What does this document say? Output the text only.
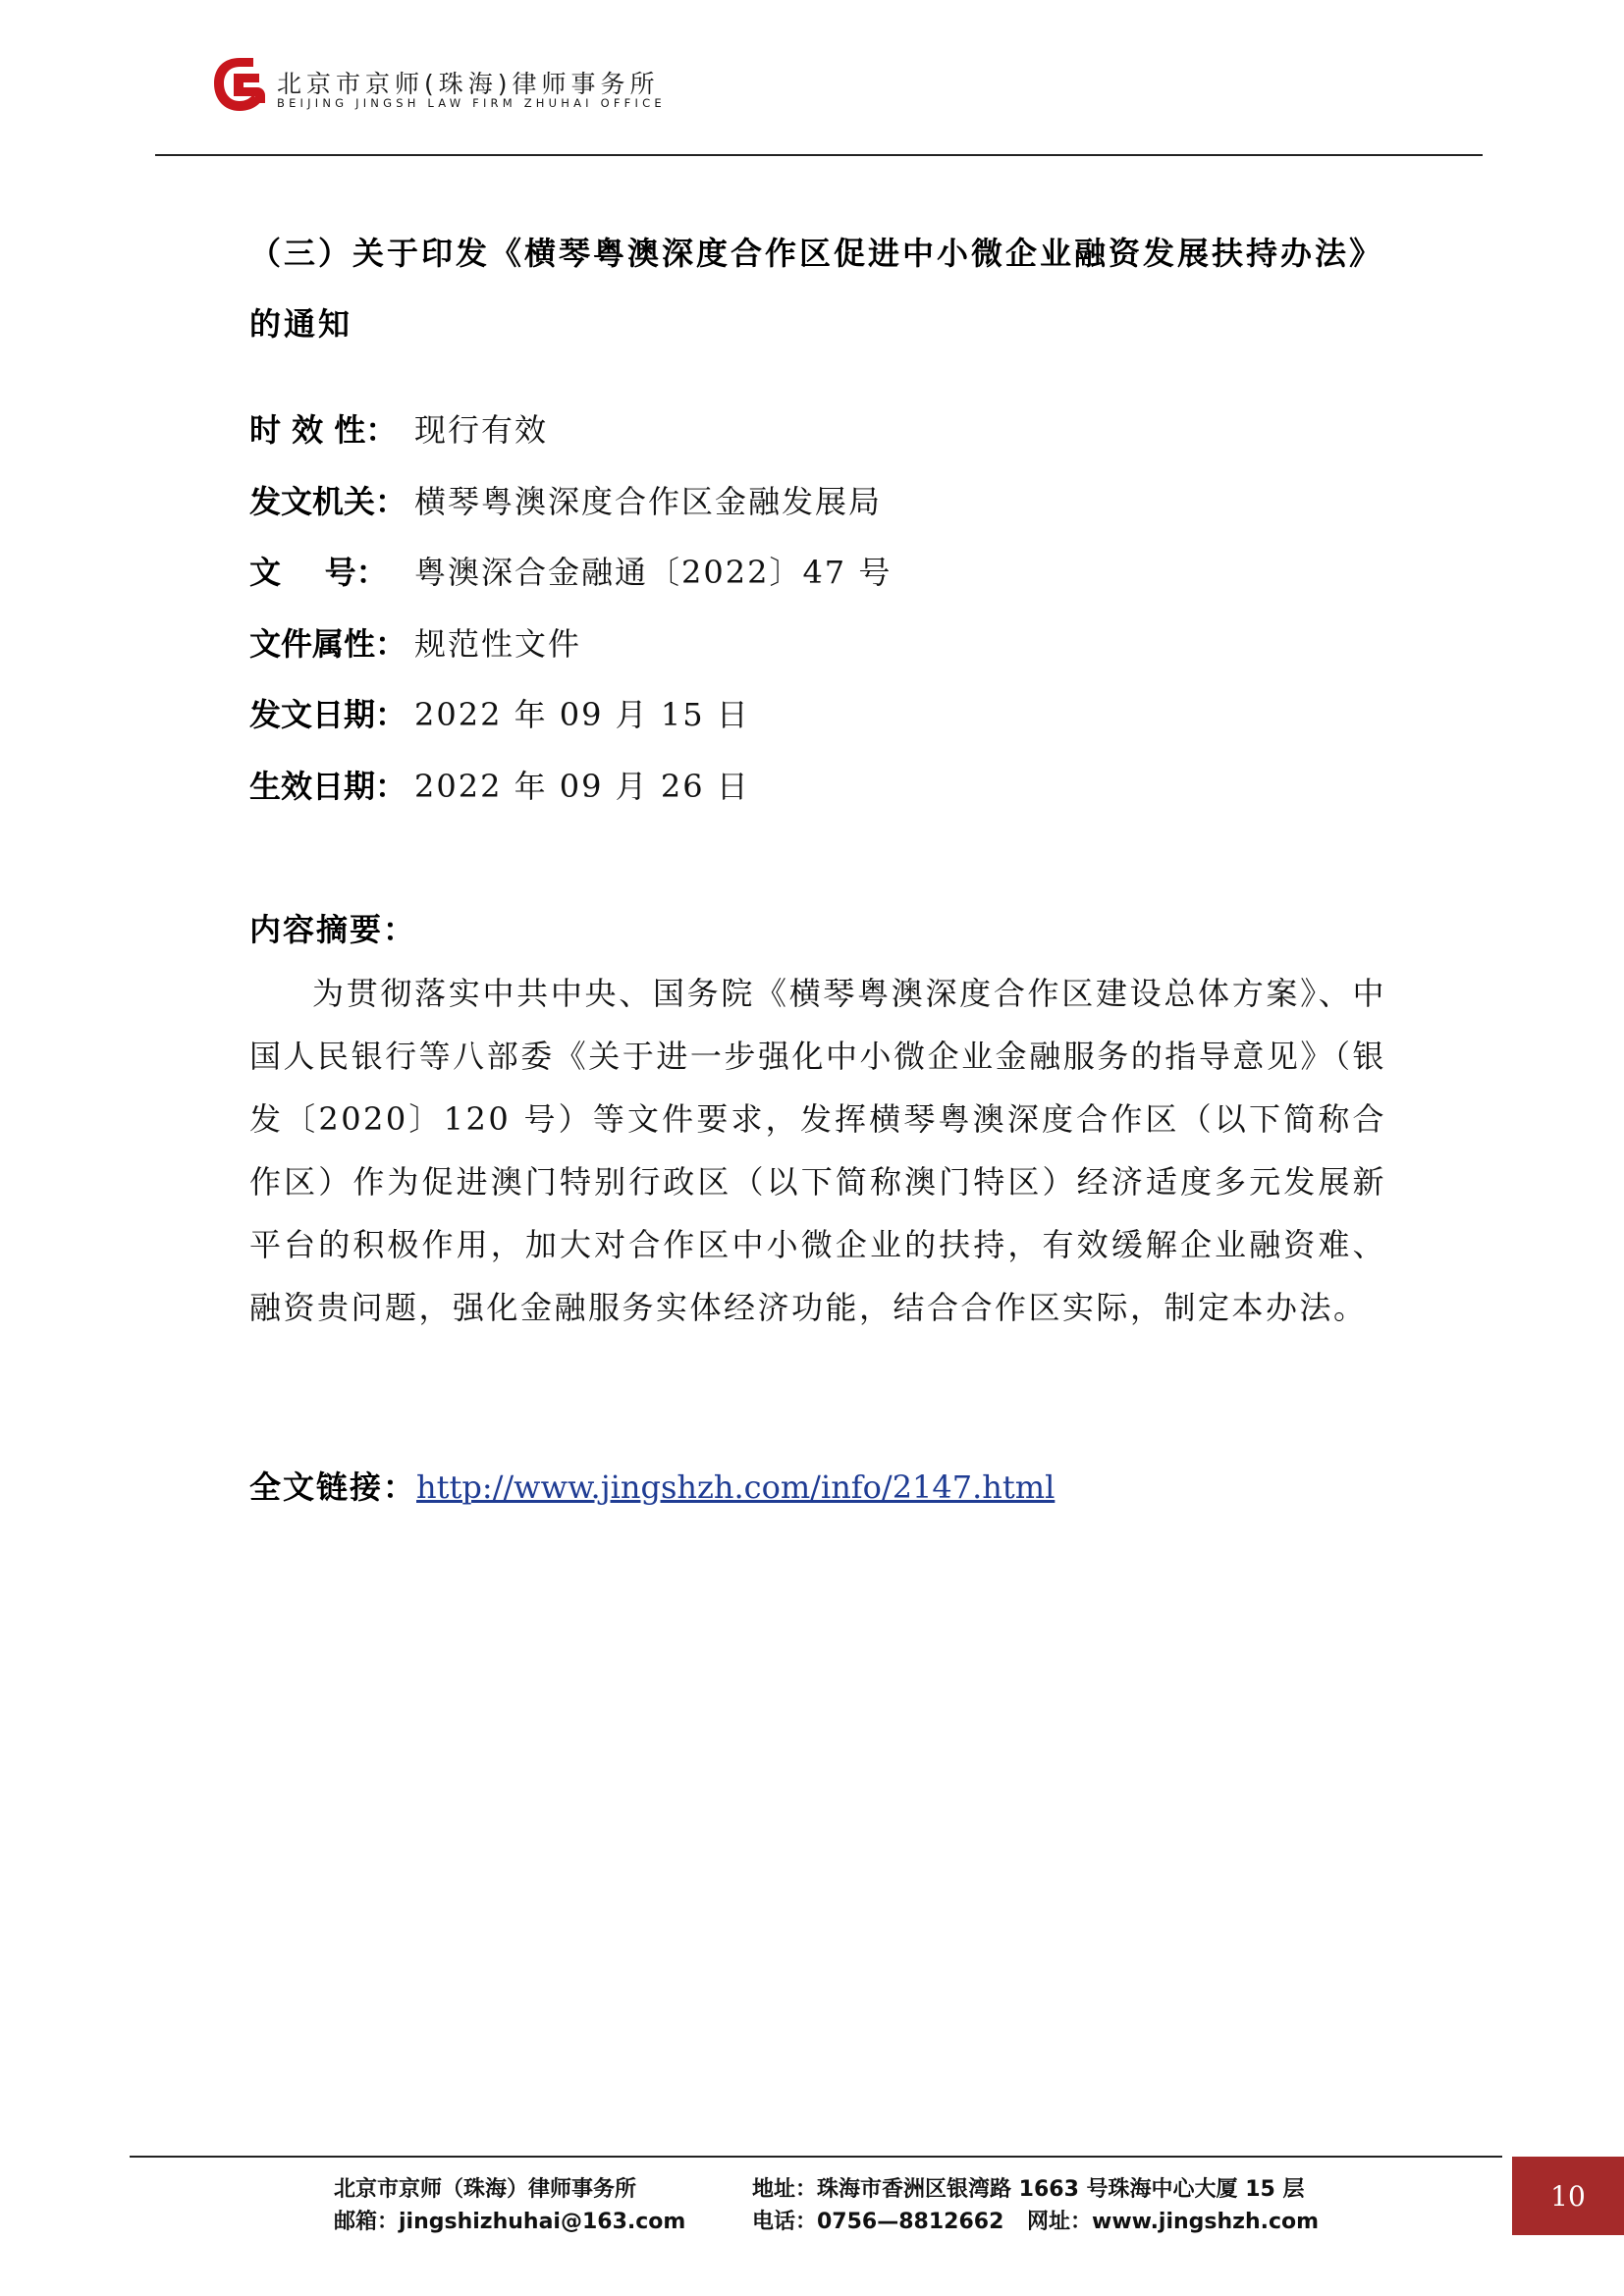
北京市京师(珠海)律师事务所
BEIJING JINGSH LAW FIRM ZHUHAI OFFICE
（三）关于印发《横琴粤澳深度合作区促进中小微企业融资发展扶持办法》的通知
时 效 性： 现行有效
发文机关： 横琴粤澳深度合作区金融发展局
文    号： 粤澳深合金融通〔2022〕47 号
文件属性： 规范性文件
发文日期： 2022 年 09 月 15 日
生效日期： 2022 年 09 月 26 日
内容摘要：
为贯彻落实中共中央、国务院《横琴粤澳深度合作区建设总体方案》、中国人民银行等八部委《关于进一步强化中小微企业金融服务的指导意见》（银发〔2020〕120 号）等文件要求，发挥横琴粤澳深度合作区（以下简称合作区）作为促进澳门特别行政区（以下简称澳门特区）经济适度多元发展新平台的积极作用，加大对合作区中小微企业的扶持，有效缓解企业融资难、融资贵问题，强化金融服务实体经济功能，结合合作区实际，制定本办法。
全文链接：http://www.jingshzh.com/info/2147.html
北京市京师（珠海）律师事务所
邮箱：jingshizhuhai@163.com
地址：珠海市香洲区银湾路 1663 号珠海中心大厦 15 层
电话：0756—8812662 网址：www.jingshzh.com
10
